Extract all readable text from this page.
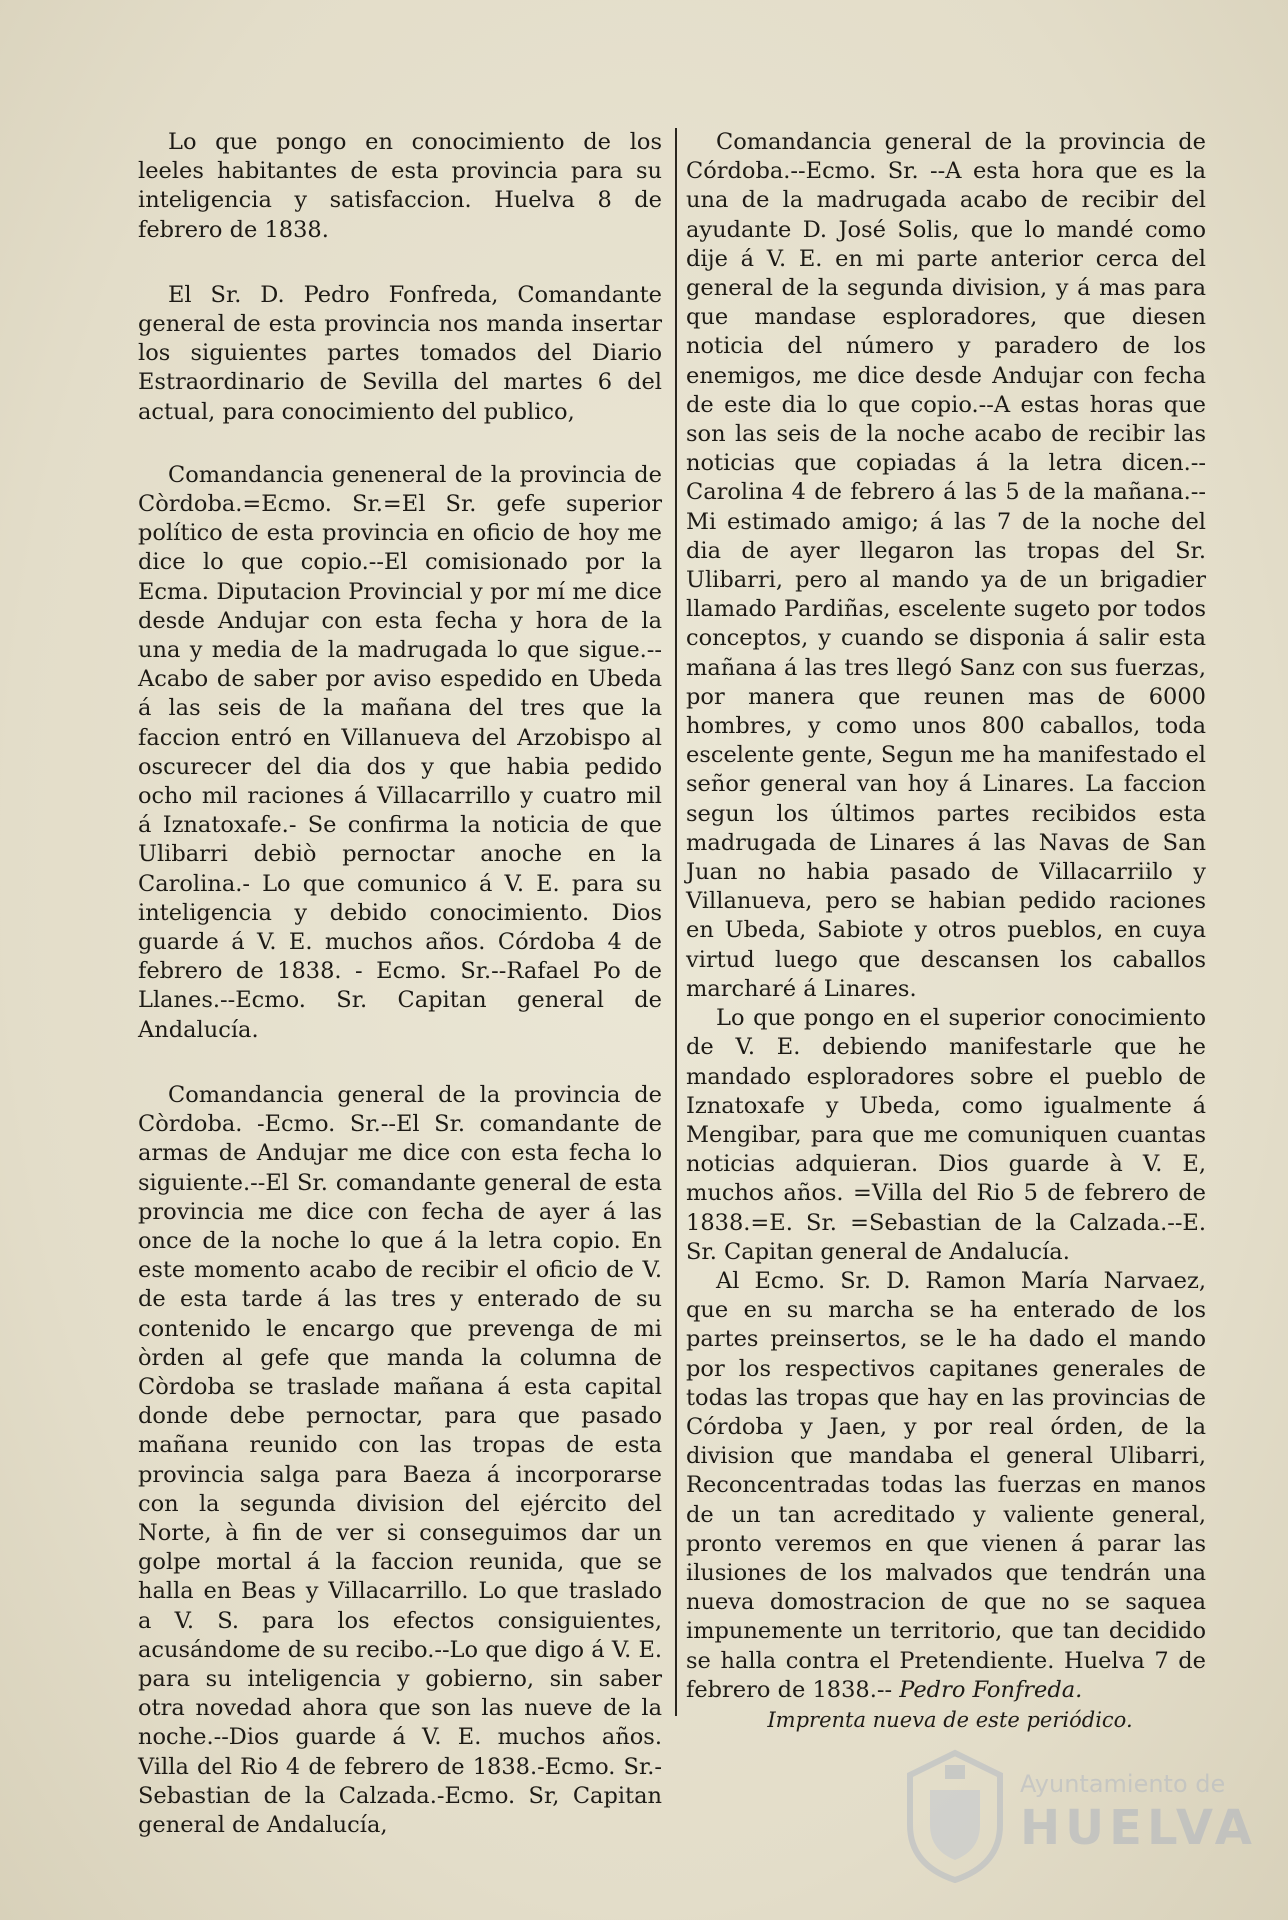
Lo que pongo en conocimiento de los leeles habitantes de esta provincia para su inteligencia y satisfaccion. Huelva 8 de febrero de 1838.

El Sr. D. Pedro Fonfreda, Comandante general de esta provincia nos manda insertar los siguientes partes tomados del Diario Estraordinario de Sevilla del martes 6 del actual, para conocimiento del publico,

Comandancia geneneral de la provincia de Còrdoba.=Ecmo. Sr.=El Sr. gefe superior político de esta provincia en oficio de hoy me dice lo que copio.--El comisionado por la Ecma. Diputacion Provincial y por mí me dice desde Andujar con esta fecha y hora de la una y media de la madrugada lo que sigue.-- Acabo de saber por aviso espedido en Ubeda á las seis de la mañana del tres que la faccion entró en Villanueva del Arzobispo al oscurecer del dia dos y que habia pedido ocho mil raciones á Villacarrillo y cuatro mil á Iznatoxafe.- Se confirma la noticia de que Ulibarri debiò pernoctar anoche en la Carolina.- Lo que comunico á V. E. para su inteligencia y debido conocimiento. Dios guarde á V. E. muchos años. Córdoba 4 de febrero de 1838. - Ecmo. Sr.--Rafael Po de Llanes.--Ecmo. Sr. Capitan general de Andalucía.

Comandancia general de la provincia de Còrdoba. -Ecmo. Sr.--El Sr. comandante de armas de Andujar me dice con esta fecha lo siguiente.--El Sr. comandante general de esta provincia me dice con fecha de ayer á las once de la noche lo que á la letra copio. En este momento acabo de recibir el oficio de V. de esta tarde á las tres y enterado de su contenido le encargo que prevenga de mi òrden al gefe que manda la columna de Còrdoba se traslade mañana á esta capital donde debe pernoctar, para que pasado mañana reunido con las tropas de esta provincia salga para Baeza á incorporarse con la segunda division del ejército del Norte, à fin de ver si conseguimos dar un golpe mortal á la faccion reunida, que se halla en Beas y Villacarrillo. Lo que traslado a V. S. para los efectos consiguientes, acusándome de su recibo.--Lo que digo á V. E. para su inteligencia y gobierno, sin saber otra novedad ahora que son las nueve de la noche.--Dios guarde á V. E. muchos años. Villa del Rio 4 de febrero de 1838.-Ecmo. Sr.-Sebastian de la Calzada.-Ecmo. Sr, Capitan general de Andalucía,

Comandancia general de la provincia de Córdoba.--Ecmo. Sr. --A esta hora que es la una de la madrugada acabo de recibir del ayudante D. José Solis, que lo mandé como dije á V. E. en mi parte anterior cerca del general de la segunda division, y á mas para que mandase esploradores, que diesen noticia del número y paradero de los enemigos, me dice desde Andujar con fecha de este dia lo que copio.--A estas horas que son las seis de la noche acabo de recibir las noticias que copiadas á la letra dicen.--Carolina 4 de febrero á las 5 de la mañana.--Mi estimado amigo; á las 7 de la noche del dia de ayer llegaron las tropas del Sr. Ulibarri, pero al mando ya de un brigadier llamado Pardiñas, escelente sugeto por todos conceptos, y cuando se disponia á salir esta mañana á las tres llegó Sanz con sus fuerzas, por manera que reunen mas de 6000 hombres, y como unos 800 caballos, toda escelente gente, Segun me ha manifestado el señor general van hoy á Linares. La faccion segun los últimos partes recibidos esta madrugada de Linares á las Navas de San Juan no habia pasado de Villacarriilo y Villanueva, pero se habian pedido raciones en Ubeda, Sabiote y otros pueblos, en cuya virtud luego que descansen los caballos marcharé á Linares.

Lo que pongo en el superior conocimiento de V. E. debiendo manifestarle que he mandado esploradores sobre el pueblo de Iznatoxafe y Ubeda, como igualmente á Mengibar, para que me comuniquen cuantas noticias adquieran. Dios guarde à V. E, muchos años. =Villa del Rio 5 de febrero de 1838.=E. Sr. =Sebastian de la Calzada.--E. Sr. Capitan general de Andalucía.

Al Ecmo. Sr. D. Ramon María Narvaez, que en su marcha se ha enterado de los partes preinsertos, se le ha dado el mando por los respectivos capitanes generales de todas las tropas que hay en las provincias de Córdoba y Jaen, y por real órden, de la division que mandaba el general Ulibarri, Reconcentradas todas las fuerzas en manos de un tan acreditado y valiente general, pronto veremos en que vienen á parar las ilusiones de los malvados que tendrán una nueva domostracion de que no se saquea impunemente un territorio, que tan decidido se halla contra el Pretendiente. Huelva 7 de febrero de 1838.-- Pedro Fonfreda.

Imprenta nueva de este periódico.
Ayuntamiento de
HUELVA
